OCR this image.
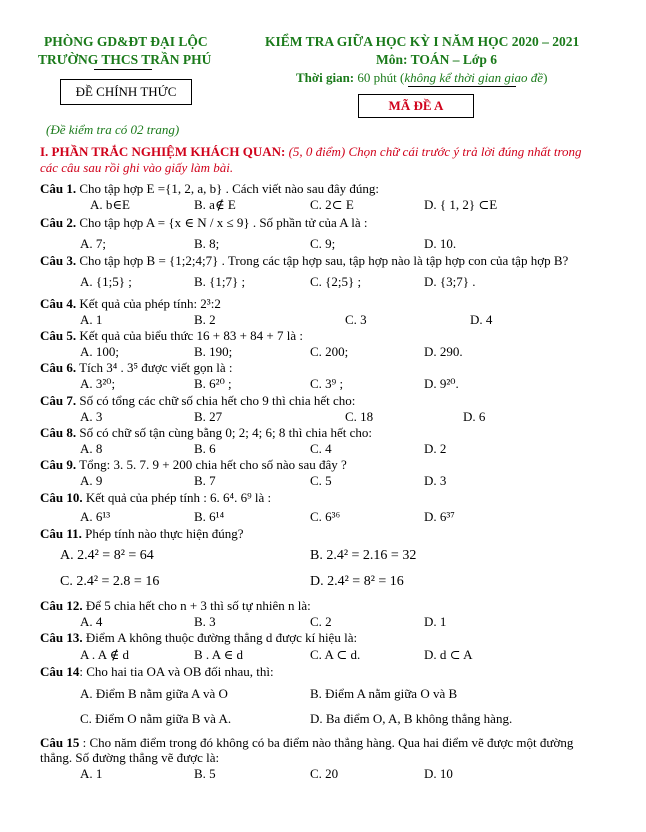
PHÒNG GD&ĐT ĐẠI LỘC
TRƯỜNG THCS TRẦN PHÚ
KIỂM TRA GIỮA HỌC KỲ I NĂM HỌC 2020 – 2021
Môn: TOÁN – Lớp 6
Thời gian: 60 phút (không kể thời gian giao đề)
ĐỀ CHÍNH THỨC
MÃ ĐỀ A
(Đề kiểm tra có 02 trang)
I. PHẦN TRẮC NGHIỆM KHÁCH QUAN: (5, 0 điểm) Chọn chữ cái trước ý trả lời đúng nhất trong
các câu sau rồi ghi vào giấy làm bài.
Câu 1. Cho tập hợp E ={1, 2, a, b} . Cách viết nào sau đây đúng:
A. b∈E	B. a∉ E	C. 2⊂ E	D. { 1, 2} ⊂E
Câu 2. Cho tập hợp A = {x ∈ N / x ≤ 9} . Số phần tử của A là :
A. 7;	B. 8;	C. 9;	D. 10.
Câu 3. Cho tập hợp B = {1;2;4;7} . Trong các tập hợp sau, tập hợp nào là tập hợp con của tập hợp B?
A. {1;5} ;	B. {1;7} ;	C. {2;5} ;	D. {3;7} .
Câu 4. Kết quả của phép tính: 2³:2
A. 1	B. 2	C. 3	D. 4
Câu 5. Kết quả của biểu thức 16 + 83 + 84 + 7 là :
A. 100;	B. 190;	C. 200;	D. 290.
Câu 6. Tích 3⁴ . 3⁵ được viết gọn là :
A. 3²⁰;	B. 6²⁰ ;	C. 3⁹ ;	D. 9²⁰.
Câu 7. Số có tổng các chữ số chia hết cho 9 thì chia hết cho:
A. 3	B. 27	C. 18	D. 6
Câu 8. Số có chữ số tận cùng bằng 0; 2; 4; 6; 8 thì chia hết cho:
A. 8	B. 6	C. 4	D. 2
Câu 9. Tổng: 3. 5. 7. 9 + 200 chia hết cho số nào sau đây ?
A. 9	B. 7	C. 5	D. 3
Câu 10. Kết quả của phép tính : 6. 6⁴. 6⁹ là :
A. 6¹³	B. 6¹⁴	C. 6³⁶	D. 6³⁷
Câu 11. Phép tính nào thực hiện đúng?
A. 2.4² = 8² = 64	B. 2.4² = 2.16 = 32
C. 2.4² = 2.8 = 16	D. 2.4² = 8² = 16
Câu 12. Để 5 chia hết cho n + 3 thì số tự nhiên n là:
A. 4	B. 3	C. 2	D. 1
Câu 13. Điểm A không thuộc đường thẳng d được kí hiệu là:
A . A ∉ d	B . A ∈ d	C. A ⊂ d.	D. d ⊂ A
Câu 14: Cho hai tia OA và OB đối nhau, thì:
A. Điểm B nằm giữa A và O	B. Điểm A nằm giữa O và B
C. Điểm O nằm giữa B và A.	D. Ba điểm O, A, B không thẳng hàng.
Câu 15 : Cho năm điểm trong đó không có ba điểm nào thẳng hàng. Qua hai điểm vẽ được một đường
thẳng. Số đường thẳng vẽ được là:
A. 1	B. 5	C. 20	D. 10
